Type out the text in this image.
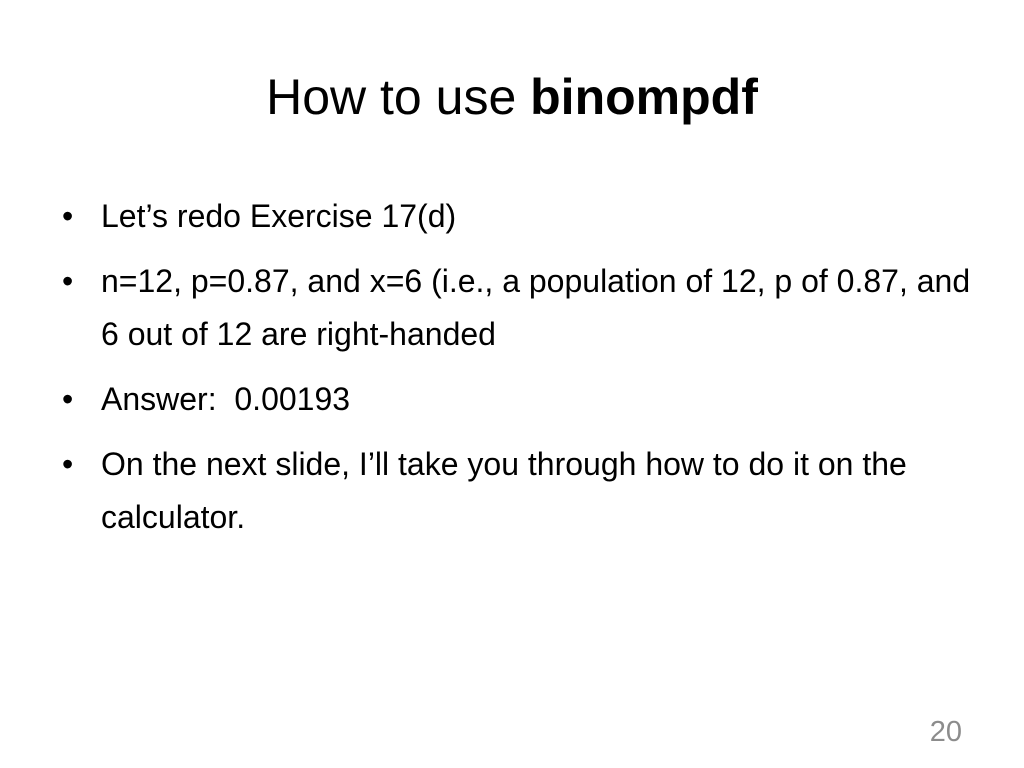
How to use binompdf
• Let’s redo Exercise 17(d)
• n=12, p=0.87, and x=6 (i.e., a population of 12, p of 0.87, and 6 out of 12 are right-handed
• Answer:  0.00193
• On the next slide, I’ll take you through how to do it on the calculator.
20
